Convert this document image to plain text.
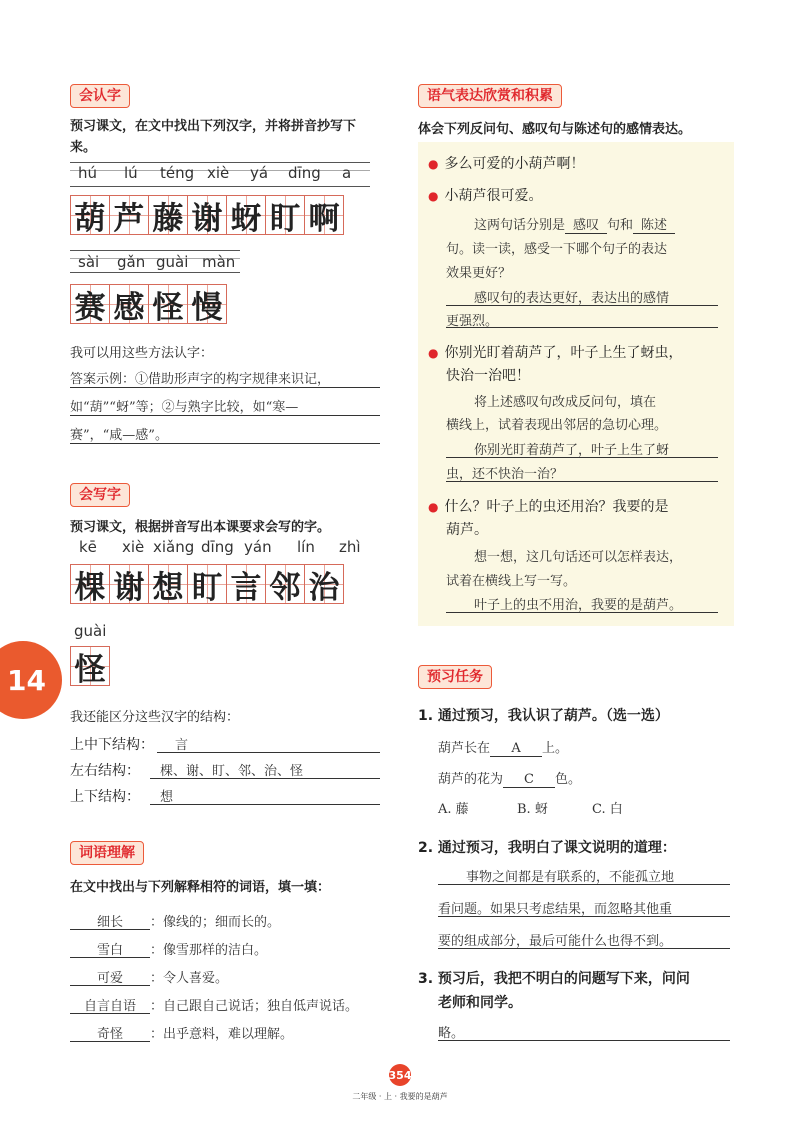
会认字
预习课文，在文中找出下列汉字，并将拼音抄写下来。
hú lú téng xiè yá dīng a
葫 芦 藤 谢 蚜 盯 啊
sài gǎn guài màn
赛 感 怪 慢
我可以用这些方法认字：
答案示例：①借助形声字的构字规律来识记，
如“葫”“蚜”等；②与熟字比较，如“寒—
赛”，“咸—感”。
会写字
预习课文，根据拼音写出本课要求会写的字。
kē xiè xiǎng dīng yán lín zhì
棵 谢 想 盯 言 邻 治
guài
怪
我还能区分这些汉字的结构：
上中下结构： 言
左右结构： 棵、谢、盯、邻、治、怪
上下结构： 想
词语理解
在文中找出与下列解释相符的词语，填一填：
细长	：像线的；细而长的。
雪白	：像雪那样的洁白。
可爱	：令人喜爱。
自言自语	：自己跟自己说话；独自低声说话。
奇怪	：出乎意料，难以理解。
14
语气表达欣赏和积累
体会下列反问句、感叹句与陈述句的感情表达。
● 多么可爱的小葫芦啊！
● 小葫芦很可爱。
这两句话分别是 感叹 句和 陈述
句。读一读，感受一下哪个句子的表达
效果更好？
感叹句的表达更好，表达出的感情
更强烈。
● 你别光盯着葫芦了，叶子上生了蚜虫，
快治一治吧！
将上述感叹句改成反问句，填在
横线上，试着表现出邻居的急切心理。
你别光盯着葫芦了，叶子上生了蚜
虫，还不快治一治？
● 什么？叶子上的虫还用治？我要的是
葫芦。
想一想，这几句话还可以怎样表达，
试着在横线上写一写。
叶子上的虫不用治，我要的是葫芦。
预习任务
1. 通过预习，我认识了葫芦。（选一选）
葫芦长在 A 上。
葫芦的花为 C 色。
A. 藤	B. 蚜	C. 白
2. 通过预习，我明白了课文说明的道理：
事物之间都是有联系的，不能孤立地
看问题。如果只考虑结果，而忽略其他重
要的组成部分，最后可能什么也得不到。
3. 预习后，我把不明白的问题写下来，问问
老师和同学。
略。
354
二年级 · 上 · 我要的是葫芦
